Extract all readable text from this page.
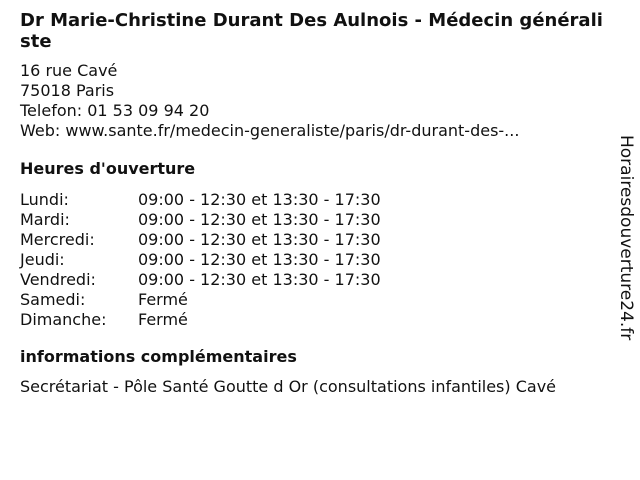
Dr Marie-Christine Durant Des Aulnois - Médecin généraliste
16 rue Cavé
75018 Paris
Telefon: 01 53 09 94 20
Web: www.sante.fr/medecin-generaliste/paris/dr-durant-des-...
Heures d'ouverture
Lundi:	09:00 - 12:30 et 13:30 - 17:30
Mardi:	09:00 - 12:30 et 13:30 - 17:30
Mercredi:	09:00 - 12:30 et 13:30 - 17:30
Jeudi:	09:00 - 12:30 et 13:30 - 17:30
Vendredi:	09:00 - 12:30 et 13:30 - 17:30
Samedi:	Fermé
Dimanche:	Fermé
informations complémentaires
Secrétariat - Pôle Santé Goutte d Or (consultations infantiles) Cavé
Horairesdouverture24.fr
